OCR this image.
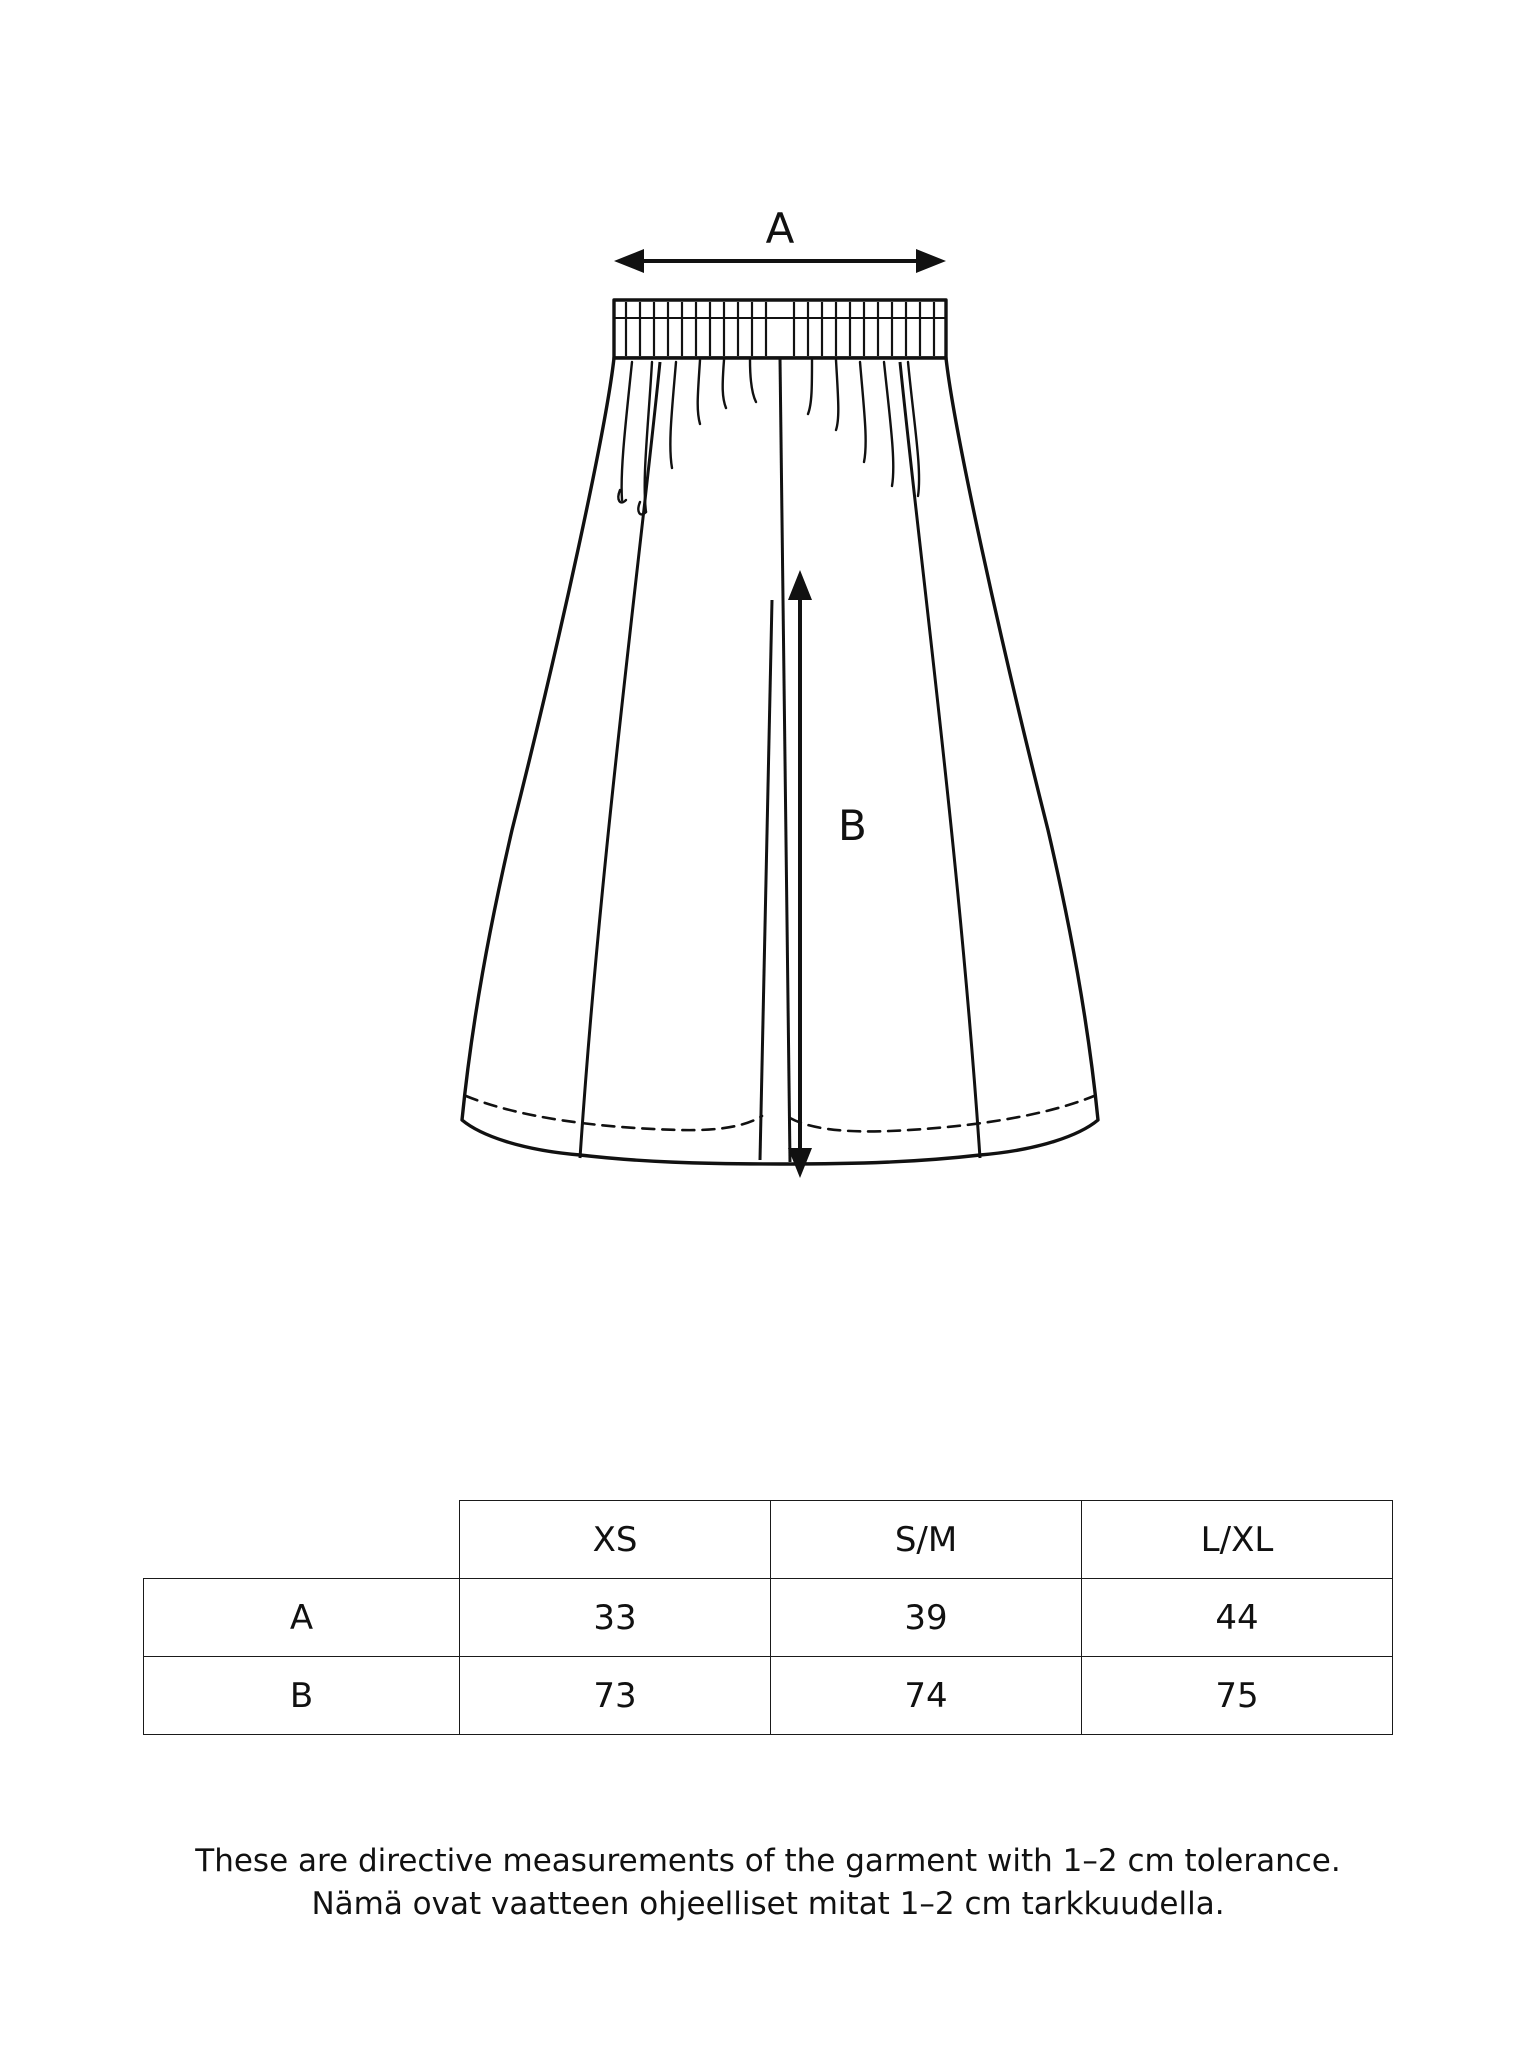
A
B
	XS	S/M	L/XL
A	33	39	44
B	73	74	75
These are directive measurements of the garment with 1–2 cm tolerance.
Nämä ovat vaatteen ohjeelliset mitat 1–2 cm tarkkuudella.
